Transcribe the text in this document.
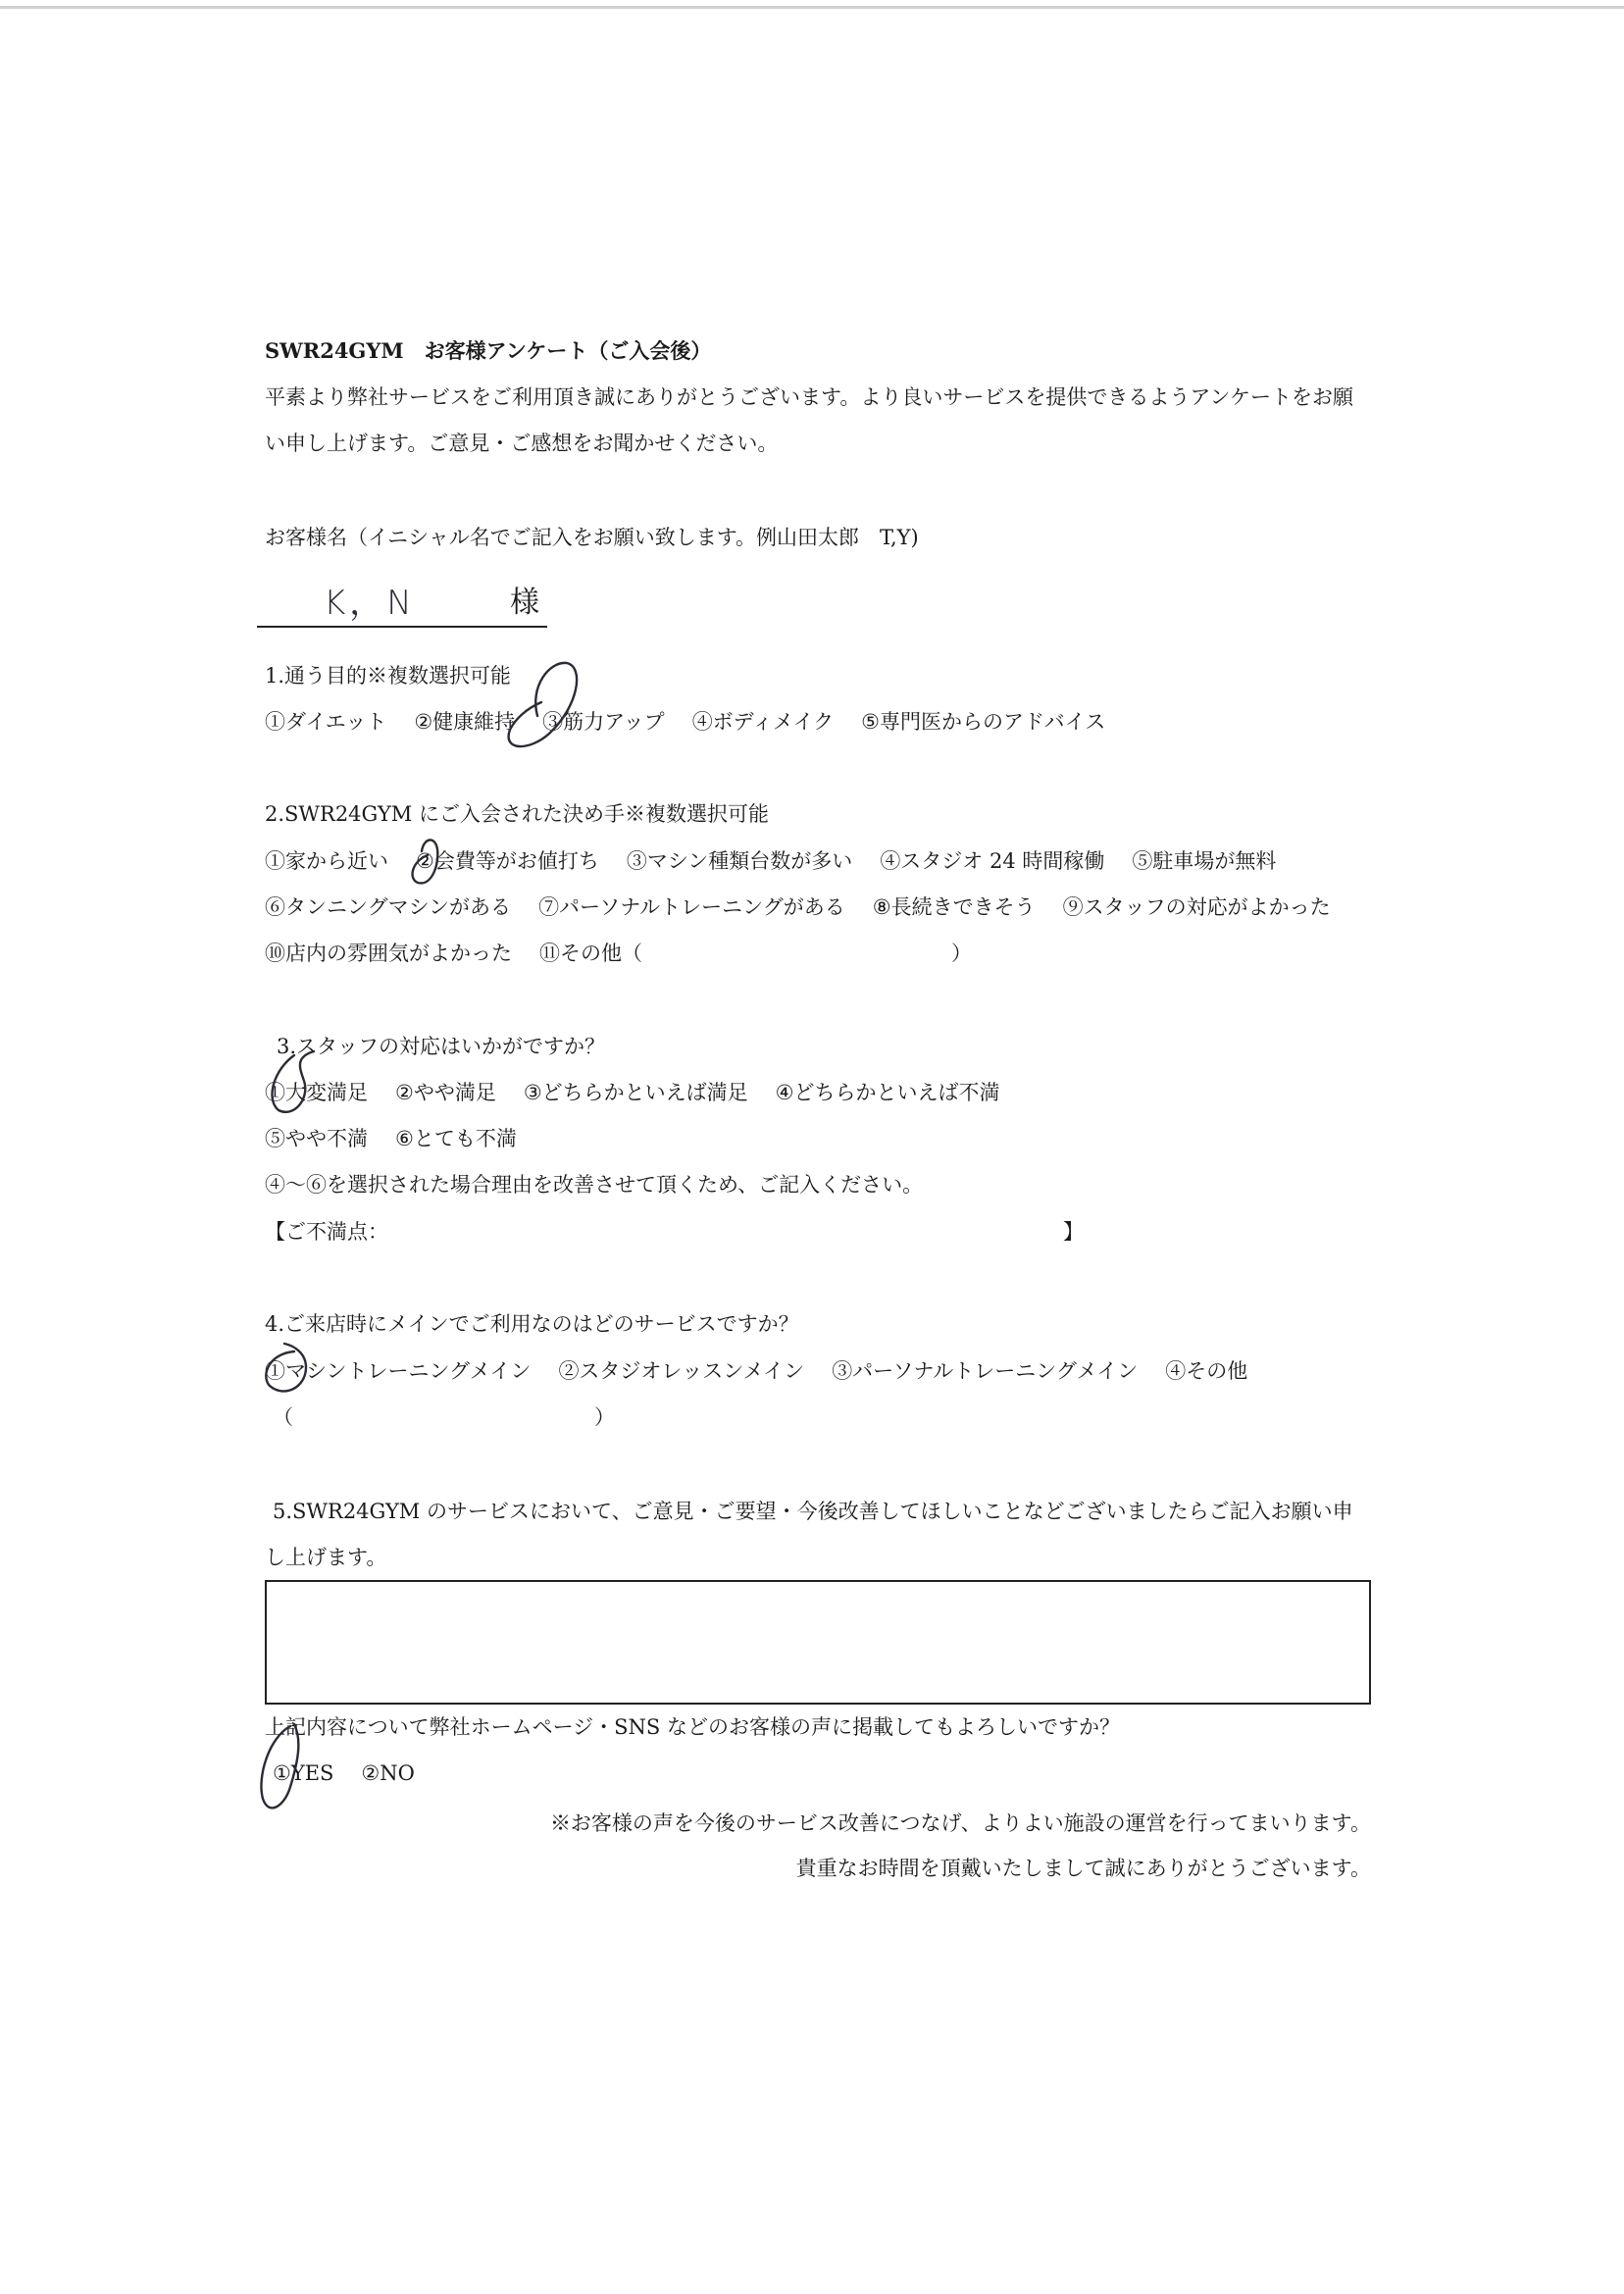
SWR24GYM　お客様アンケート（ご入会後）
平素より弊社サービスをご利用頂き誠にありがとうございます。より良いサービスを提供できるようアンケートをお願
い申し上げます。ご意見・ご感想をお聞かせください。
お客様名（イニシャル名でご記入をお願い致します。例山田太郎　T,Y)
K，N	様
1.通う目的※複数選択可能
①ダイエット ②健康維持 ③筋力アップ ④ボディメイク ⑤専門医からのアドバイス
2.SWR24GYM にご入会された決め手※複数選択可能
①家から近い ②会費等がお値打ち ③マシン種類台数が多い ④スタジオ 24 時間稼働 ⑤駐車場が無料
⑥タンニングマシンがある ⑦パーソナルトレーニングがある ⑧長続きできそう ⑨スタッフの対応がよかった
⑩店内の雰囲気がよかった ⑪その他（	）
3.スタッフの対応はいかがですか？
①大変満足 ②やや満足 ③どちらかといえば満足 ④どちらかといえば不満
⑤やや不満 ⑥とても不満
④～⑥を選択された場合理由を改善させて頂くため、ご記入ください。
【ご不満点：	】
4.ご来店時にメインでご利用なのはどのサービスですか？
①マシントレーニングメイン ②スタジオレッスンメイン ③パーソナルトレーニングメイン ④その他
（	）
5.SWR24GYM のサービスにおいて、ご意見・ご要望・今後改善してほしいことなどございましたらご記入お願い申
し上げます。
上記内容について弊社ホームページ・SNS などのお客様の声に掲載してもよろしいですか？
①YES ②NO
※お客様の声を今後のサービス改善につなげ、よりよい施設の運営を行ってまいります。
貴重なお時間を頂戴いたしまして誠にありがとうございます。
